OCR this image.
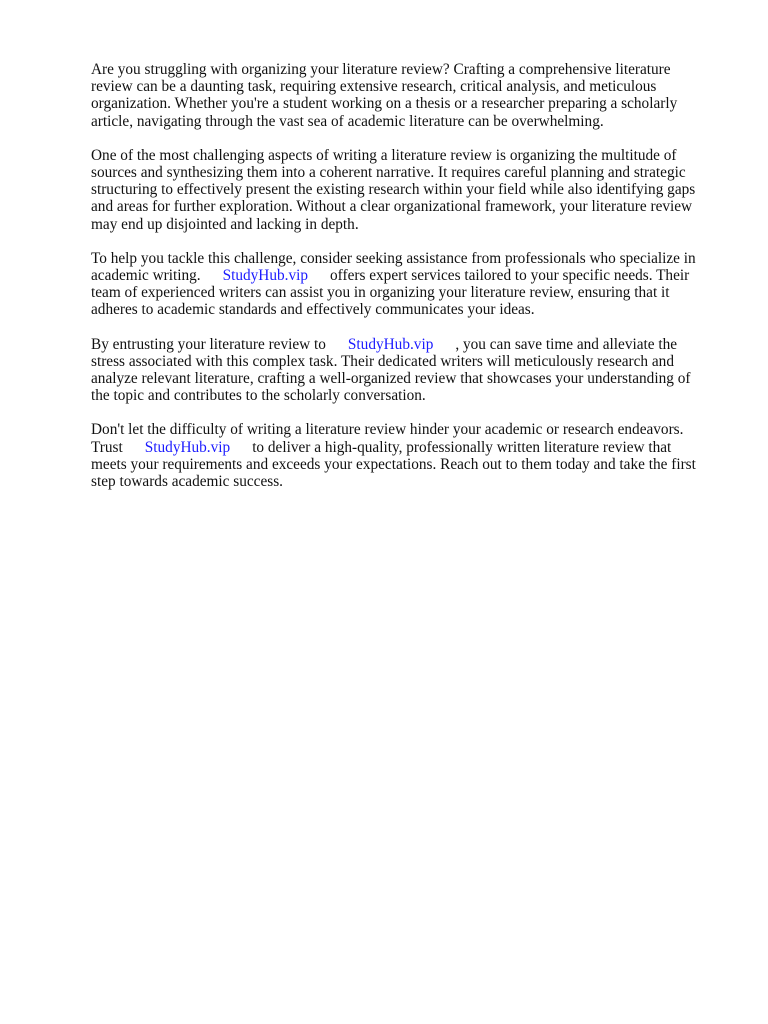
Are you struggling with organizing your literature review? Crafting a comprehensive literature review can be a daunting task, requiring extensive research, critical analysis, and meticulous organization. Whether you're a student working on a thesis or a researcher preparing a scholarly article, navigating through the vast sea of academic literature can be overwhelming.

One of the most challenging aspects of writing a literature review is organizing the multitude of sources and synthesizing them into a coherent narrative. It requires careful planning and strategic structuring to effectively present the existing research within your field while also identifying gaps and areas for further exploration. Without a clear organizational framework, your literature review may end up disjointed and lacking in depth.

To help you tackle this challenge, consider seeking assistance from professionals who specialize in academic writing. StudyHub.vip offers expert services tailored to your specific needs. Their team of experienced writers can assist you in organizing your literature review, ensuring that it adheres to academic standards and effectively communicates your ideas.

By entrusting your literature review to StudyHub.vip , you can save time and alleviate the stress associated with this complex task. Their dedicated writers will meticulously research and analyze relevant literature, crafting a well-organized review that showcases your understanding of the topic and contributes to the scholarly conversation.

Don't let the difficulty of writing a literature review hinder your academic or research endeavors. Trust StudyHub.vip to deliver a high-quality, professionally written literature review that meets your requirements and exceeds your expectations. Reach out to them today and take the first step towards academic success.
